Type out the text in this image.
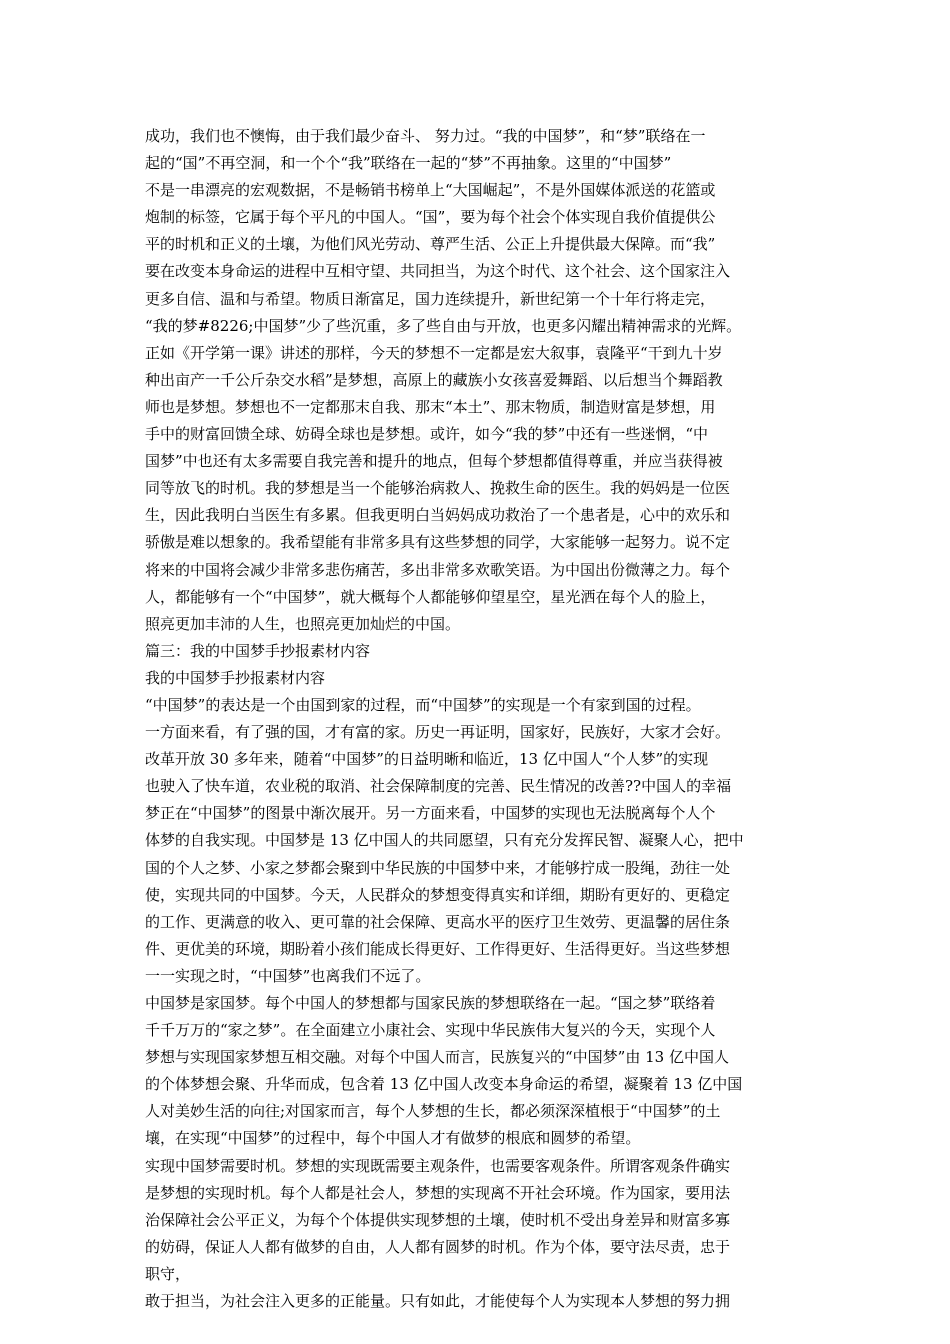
成功，我们也不懊悔，由于我们最少奋斗、 努力过。“我的中国梦”，和“梦”联络在一
起的“国”不再空洞，和一个个“我”联络在一起的“梦”不再抽象。这里的“中国梦”
不是一串漂亮的宏观数据，不是畅销书榜单上“大国崛起”，不是外国媒体派送的花篮或
炮制的标签，它属于每个平凡的中国人。“国”，要为每个社会个体实现自我价值提供公
平的时机和正义的土壤，为他们风光劳动、尊严生活、公正上升提供最大保障。而“我”
要在改变本身命运的进程中互相守望、共同担当，为这个时代、这个社会、这个国家注入
更多自信、温和与希望。物质日渐富足，国力连续提升，新世纪第一个十年行将走完，
“我的梦#8226;中国梦”少了些沉重，多了些自由与开放，也更多闪耀出精神需求的光辉。
正如《开学第一课》讲述的那样，今天的梦想不一定都是宏大叙事，袁隆平“干到九十岁
种出亩产一千公斤杂交水稻”是梦想，高原上的藏族小女孩喜爱舞蹈、以后想当个舞蹈教
师也是梦想。梦想也不一定都那末自我、那末“本土”、那末物质，制造财富是梦想，用
手中的财富回馈全球、妨碍全球也是梦想。或许，如今“我的梦”中还有一些迷惘，“中
国梦”中也还有太多需要自我完善和提升的地点，但每个梦想都值得尊重，并应当获得被
同等放飞的时机。我的梦想是当一个能够治病救人、挽救生命的医生。我的妈妈是一位医
生，因此我明白当医生有多累。但我更明白当妈妈成功救治了一个患者是，心中的欢乐和
骄傲是难以想象的。我希望能有非常多具有这些梦想的同学，大家能够一起努力。说不定
将来的中国将会减少非常多悲伤痛苦，多出非常多欢歌笑语。为中国出份微薄之力。每个
人，都能够有一个“中国梦”，就大概每个人都能够仰望星空，星光洒在每个人的脸上，
照亮更加丰沛的人生，也照亮更加灿烂的中国。
篇三：我的中国梦手抄报素材内容
我的中国梦手抄报素材内容
“中国梦”的表达是一个由国到家的过程，而“中国梦”的实现是一个有家到国的过程。
一方面来看，有了强的国，才有富的家。历史一再证明，国家好，民族好，大家才会好。
改革开放 30 多年来，随着“中国梦”的日益明晰和临近，13 亿中国人“个人梦”的实现
也驶入了快车道，农业税的取消、社会保障制度的完善、民生情况的改善??中国人的幸福
梦正在“中国梦”的图景中渐次展开。另一方面来看，中国梦的实现也无法脱离每个人个
体梦的自我实现。中国梦是 13 亿中国人的共同愿望，只有充分发挥民智、凝聚人心，把中
国的个人之梦、小家之梦都会聚到中华民族的中国梦中来，才能够拧成一股绳，劲往一处
使，实现共同的中国梦。今天，人民群众的梦想变得真实和详细，期盼有更好的、更稳定
的工作、更满意的收入、更可靠的社会保障、更高水平的医疗卫生效劳、更温馨的居住条
件、更优美的环境，期盼着小孩们能成长得更好、工作得更好、生活得更好。当这些梦想
一一实现之时，“中国梦”也离我们不远了。
中国梦是家国梦。每个中国人的梦想都与国家民族的梦想联络在一起。“国之梦”联络着
千千万万的“家之梦”。在全面建立小康社会、实现中华民族伟大复兴的今天，实现个人
梦想与实现国家梦想互相交融。对每个中国人而言，民族复兴的“中国梦”由 13 亿中国人
的个体梦想会聚、升华而成，包含着 13 亿中国人改变本身命运的希望，凝聚着 13 亿中国
人对美妙生活的向往;对国家而言，每个人梦想的生长，都必须深深植根于“中国梦”的土
壤，在实现“中国梦”的过程中，每个中国人才有做梦的根底和圆梦的希望。
实现中国梦需要时机。梦想的实现既需要主观条件，也需要客观条件。所谓客观条件确实
是梦想的实现时机。每个人都是社会人，梦想的实现离不开社会环境。作为国家，要用法
治保障社会公平正义，为每个个体提供实现梦想的土壤，使时机不受出身差异和财富多寡
的妨碍，保证人人都有做梦的自由，人人都有圆梦的时机。作为个体，要守法尽责，忠于
职守，
敢于担当，为社会注入更多的正能量。只有如此，才能使每个人为实现本人梦想的努力拥
